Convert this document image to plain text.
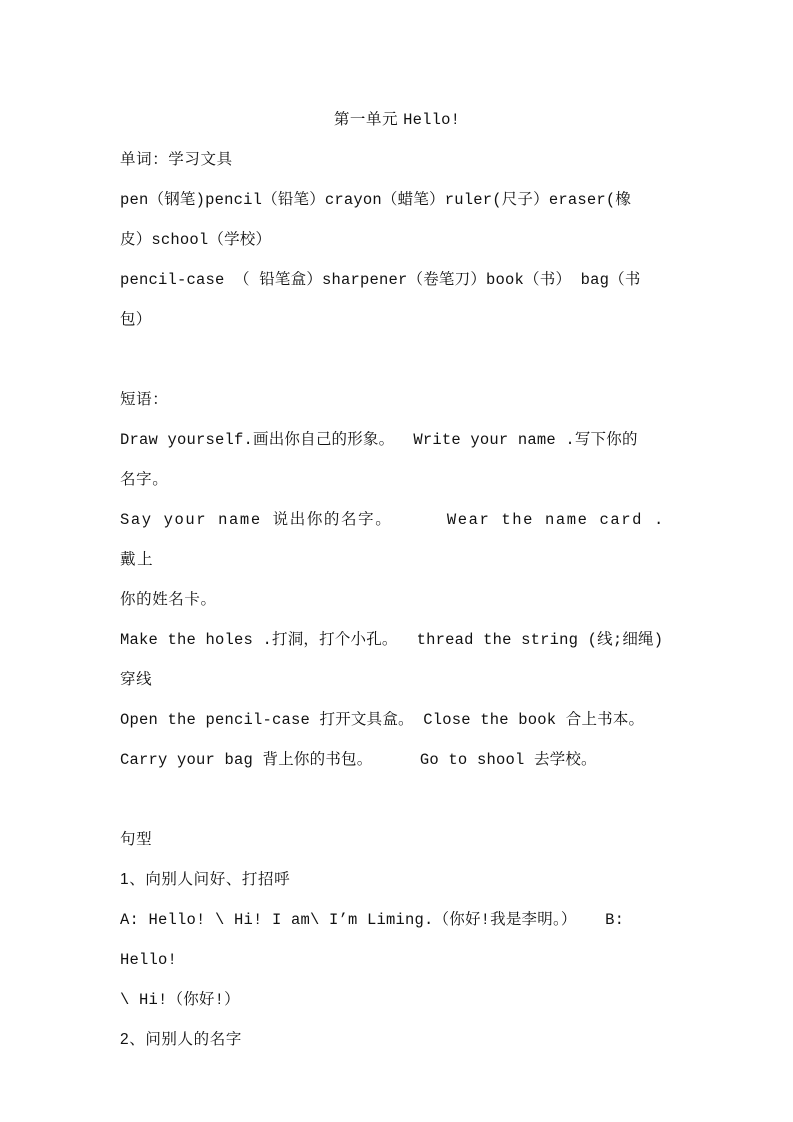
第一单元 Hello!

单词：学习文具

pen（钢笔)pencil（铅笔）crayon（蜡笔）ruler(尺子）eraser(橡

皮）school（学校）

pencil-case （ 铅笔盒）sharpener（卷笔刀）book（书） bag（书

包）

短语：

Draw yourself.画出你自己的形象。  Write your name .写下你的

名字。

Say your name 说出你的名字。     Wear the name card .戴上

你的姓名卡。

Make the holes .打洞，打个小孔。  thread the string (线;细绳)

穿线

Open the pencil-case 打开文具盒。 Close the book 合上书本。

Carry your bag 背上你的书包。     Go to shool 去学校。

句型

1、向别人问好、打招呼

A: Hello! \ Hi! I am\ I’m Liming.（你好!我是李明。）   B: Hello!

\ Hi!（你好!）

2、问别人的名字
